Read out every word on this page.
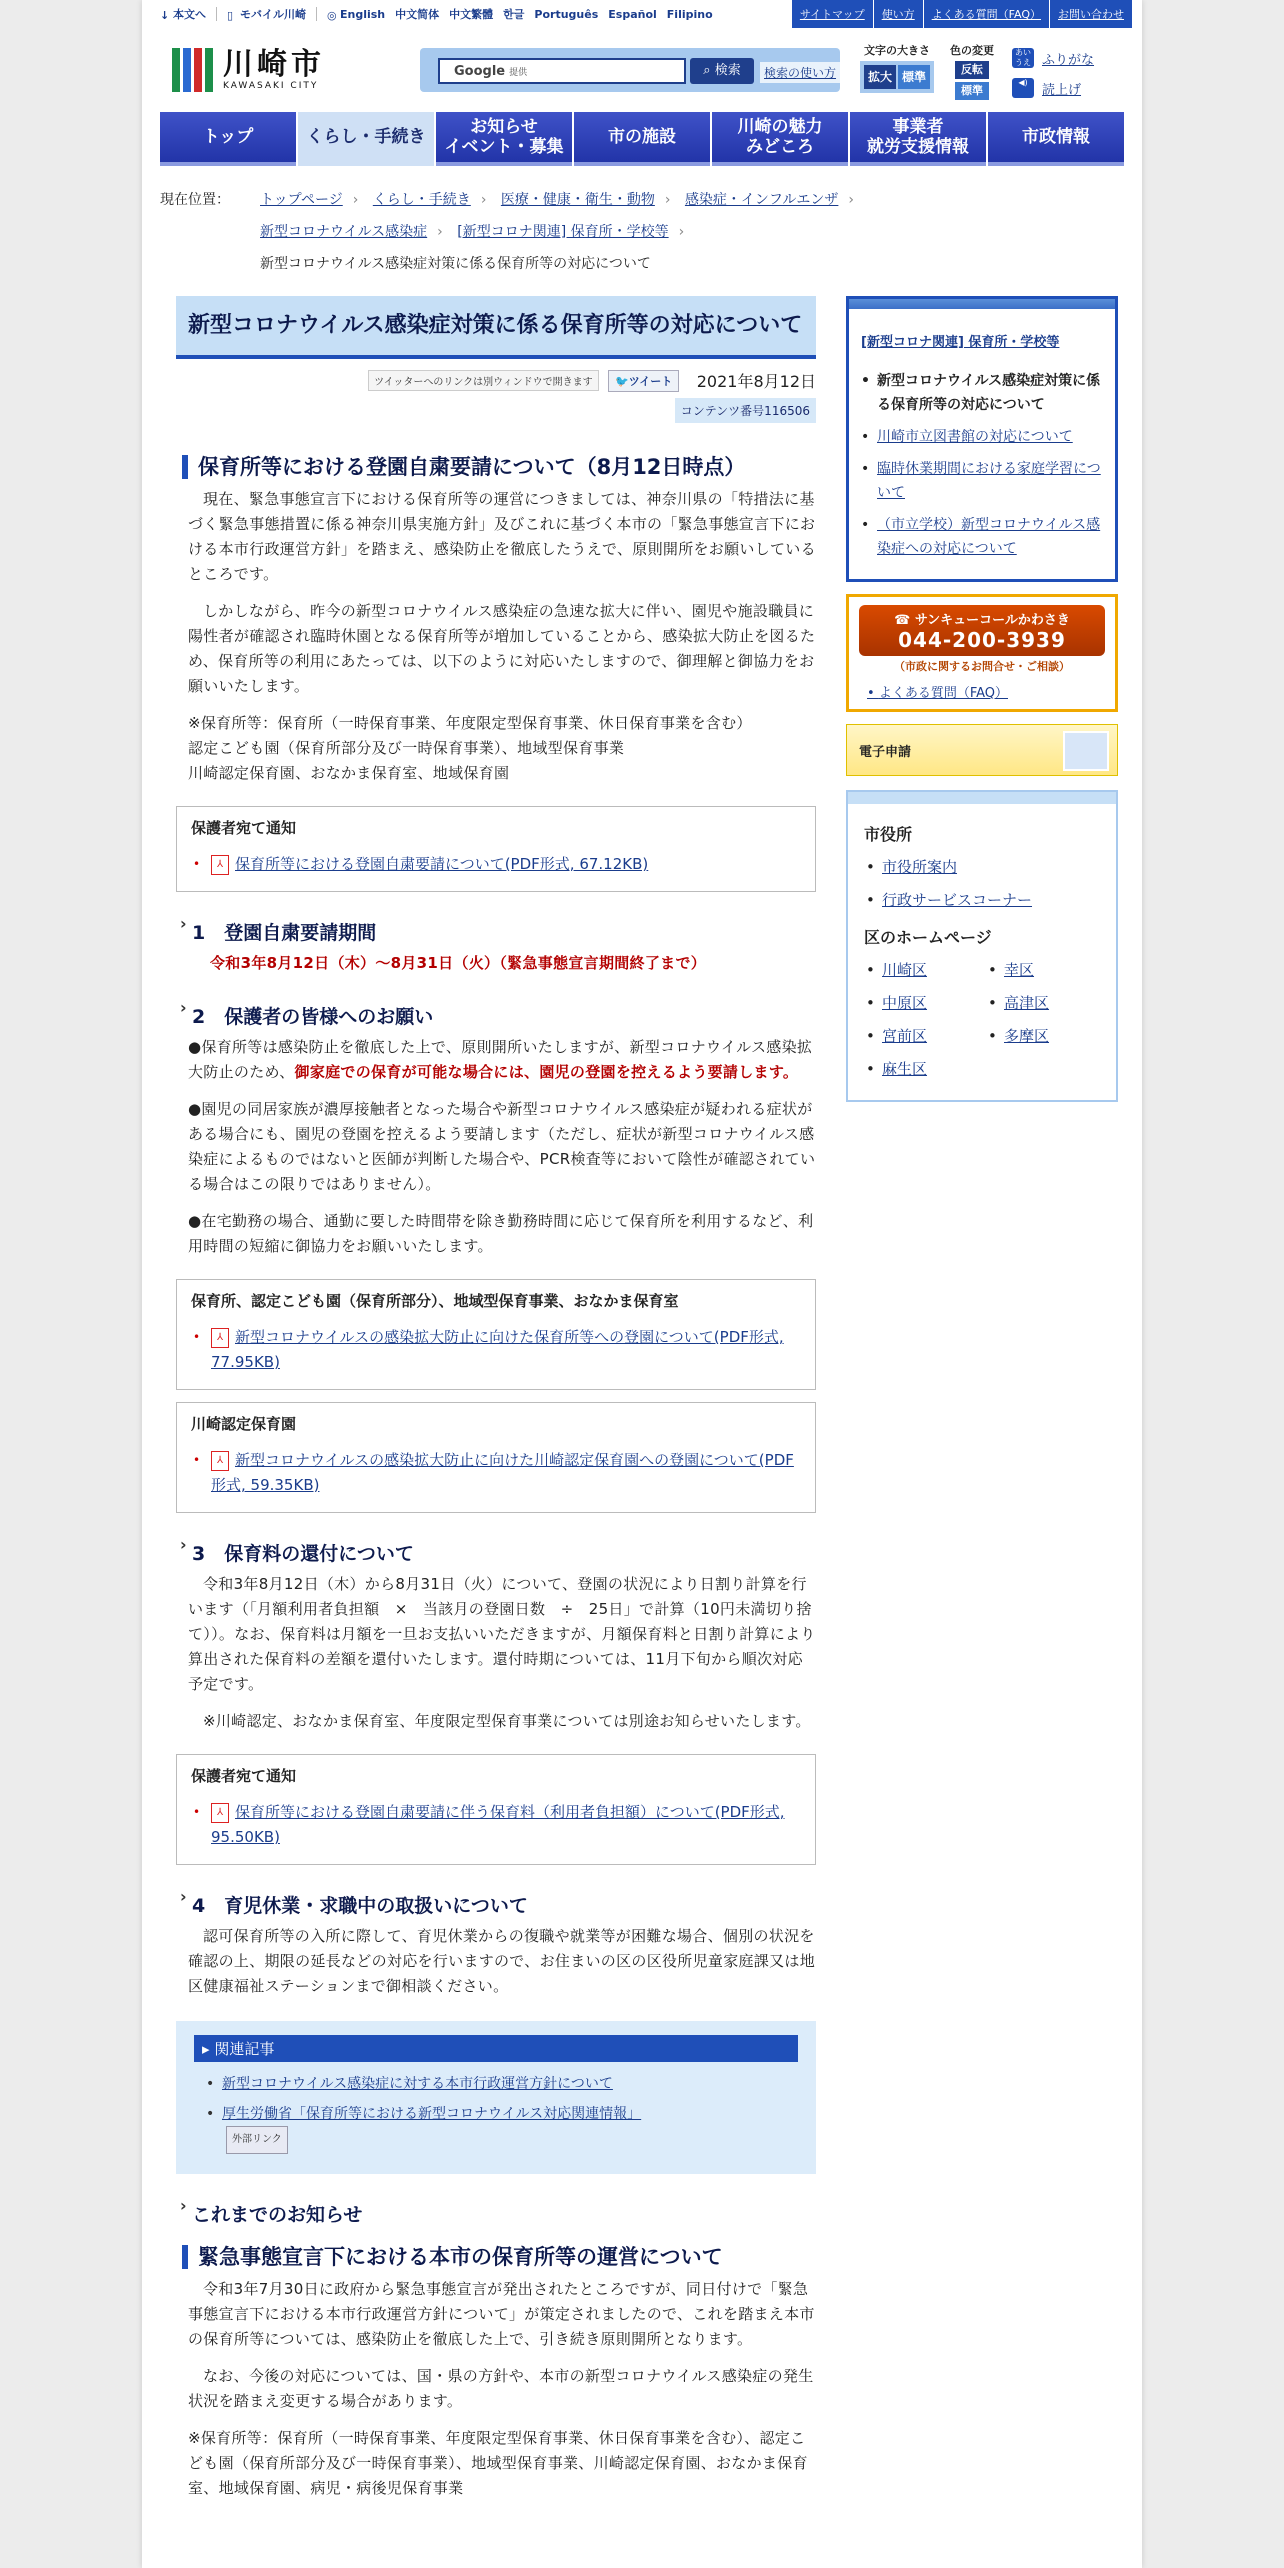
↓ 本文へ ▯ モバイル川崎 ◎ English 中文简体 中文繁體 한글 Português Español Filipino	サイトマップ	使い方	よくある質問（FAQ）	お問い合わせ
川崎市
KAWASAKI CITY
Google 提供	⌕ 検索	検索の使い方
文字の大きさ
拡大 標準
色の変更
反転
標準
あい
うえ ふりがな
◀)	読上げ
トップ	くらし・手続き	お知らせ
イベント・募集	市の施設	川崎の魅力
みどころ
事業者
就労支援情報	市政情報
現在位置： トップページ › くらし・手続き › 医療・健康・衛生・動物 › 感染症・インフルエンザ ›
新型コロナウイルス感染症 › [新型コロナ関連] 保育所・学校等 ›
新型コロナウイルス感染症対策に係る保育所等の対応について
新型コロナウイルス感染症対策に係る保育所等の対応について
ツイッターへのリンクは別ウィンドウで開きます 🐦ツイート 2021年8月12日
コンテンツ番号116506
保育所等における登園自粛要請について（8月12日時点）

現在、緊急事態宣言下における保育所等の運営につきましては、神奈川県の「特措法に基づく緊急事態措置に係る神奈川県実施方針」及びこれに基づく本市の「緊急事態宣言下における本市行政運営方針」を踏まえ、感染防止を徹底したうえで、原則開所をお願いしているところです。

しかしながら、昨今の新型コロナウイルス感染症の急速な拡大に伴い、園児や施設職員に陽性者が確認され臨時休園となる保育所等が増加していることから、感染拡大防止を図るため、保育所等の利用にあたっては、以下のように対応いたしますので、御理解と御協力をお願いいたします。

※保育所等：保育所（一時保育事業、年度限定型保育事業、休日保育事業を含む）

認定こども園（保育所部分及び一時保育事業）、地域型保育事業

川崎認定保育園、おなかま保育室、地域保育園

保護者宛て通知
• ⅄ 保育所等における登園自粛要請について(PDF形式, 67.12KB)
› 1　登園自粛要請期間

令和3年8月12日（木）～8月31日（火）（緊急事態宣言期間終了まで）

› 2　保護者の皆様へのお願い

●保育所等は感染防止を徹底した上で、原則開所いたしますが、新型コロナウイルス感染拡大防止のため、御家庭での保育が可能な場合には、園児の登園を控えるよう要請します。

●園児の同居家族が濃厚接触者となった場合や新型コロナウイルス感染症が疑われる症状がある場合にも、園児の登園を控えるよう要請します（ただし、症状が新型コロナウイルス感染症によるものではないと医師が判断した場合や、PCR検査等において陰性が確認されている場合はこの限りではありません）。

●在宅勤務の場合、通勤に要した時間帯を除き勤務時間に応じて保育所を利用するなど、利用時間の短縮に御協力をお願いいたします。

保育所、認定こども園（保育所部分）、地域型保育事業、おなかま保育室
• ⅄ 新型コロナウイルスの感染拡大防止に向けた保育所等への登園について(PDF形式, 77.95KB)
川崎認定保育園
• ⅄ 新型コロナウイルスの感染拡大防止に向けた川崎認定保育園への登園について(PDF形式, 59.35KB)
› 3　保育料の還付について

令和3年8月12日（木）から8月31日（火）について、登園の状況により日割り計算を行います（「月額利用者負担額　×　当該月の登園日数　÷　25日」で計算（10円未満切り捨て））。なお、保育料は月額を一旦お支払いいただきますが、月額保育料と日割り計算により算出された保育料の差額を還付いたします。還付時期については、11月下旬から順次対応予定です。

※川崎認定、おなかま保育室、年度限定型保育事業については別途お知らせいたします。

保護者宛て通知
• ⅄ 保育所等における登園自粛要請に伴う保育料（利用者負担額）について(PDF形式, 95.50KB)
› 4　育児休業・求職中の取扱いについて

認可保育所等の入所に際して、育児休業からの復職や就業等が困難な場合、個別の状況を確認の上、期限の延長などの対応を行いますので、お住まいの区の区役所児童家庭課又は地区健康福祉ステーションまで御相談ください。

▸ 関連記事
• 新型コロナウイルス感染症に対する本市行政運営方針について
• 厚生労働省「保育所等における新型コロナウイルス対応関連情報」
外部リンク
› これまでのお知らせ
緊急事態宣言下における本市の保育所等の運営について

令和3年7月30日に政府から緊急事態宣言が発出されたところですが、同日付けで「緊急事態宣言下における本市行政運営方針について」が策定されましたので、これを踏まえ本市の保育所等については、感染防止を徹底した上で、引き続き原則開所となります。

なお、今後の対応については、国・県の方針や、本市の新型コロナウイルス感染症の発生状況を踏まえ変更する場合があります。

※保育所等：保育所（一時保育事業、年度限定型保育事業、休日保育事業を含む）、認定こども園（保育所部分及び一時保育事業）、地域型保育事業、川崎認定保育園、おなかま保育室、地域保育園、病児・病後児保育事業

[新型コロナ関連] 保育所・学校等
• 新型コロナウイルス感染症対策に係る保育所等の対応について
• 川崎市立図書館の対応について
• 臨時休業期間における家庭学習について
• （市立学校）新型コロナウイルス感染症への対応について
☎ サンキューコールかわさき
044-200-3939
（市政に関するお問合せ・ご相談）
• よくある質問（FAQ）
電子申請
市役所
• 市役所案内
• 行政サービスコーナー
区のホームページ
• 川崎区	• 幸区
• 中原区	• 高津区
• 宮前区	• 多摩区
• 麻生区
